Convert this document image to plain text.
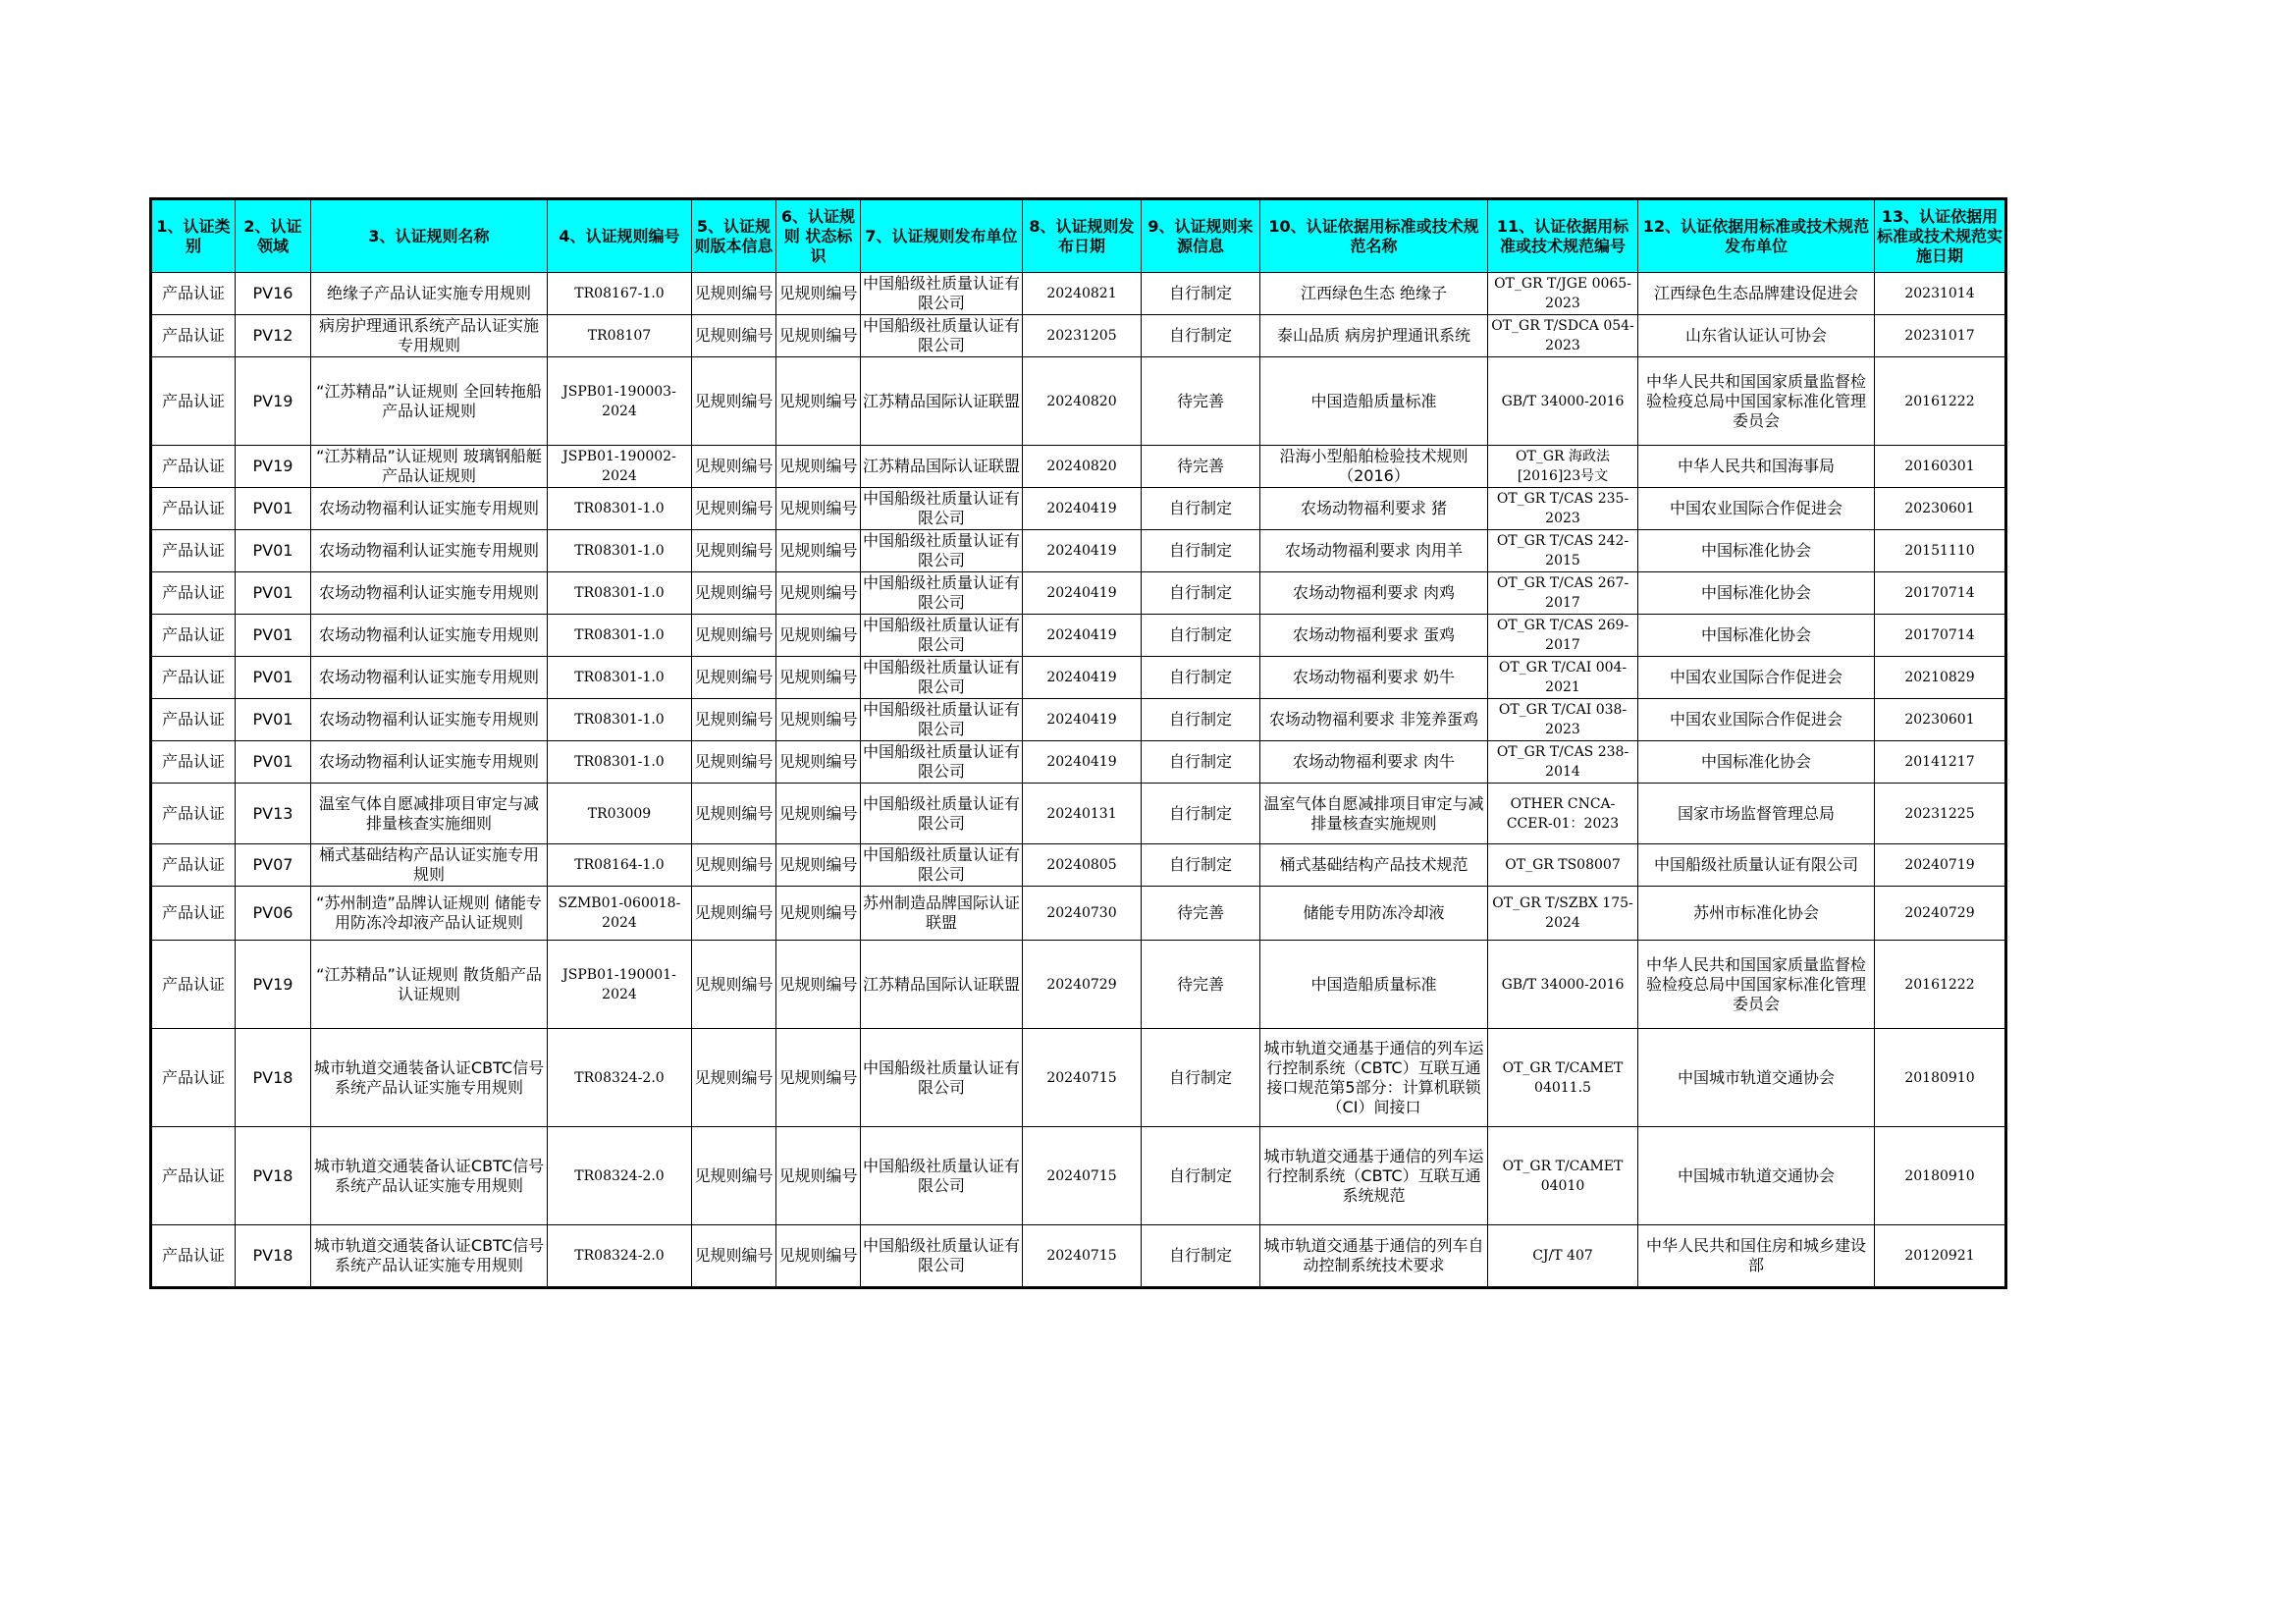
1、认证类别	2、认证领域	3、认证规则名称	4、认证规则编号	5、认证规则版本信息	6、认证规则 状态标识	7、认证规则发布单位	8、认证规则发布日期	9、认证规则来源信息	10、认证依据用标准或技术规范名称	11、认证依据用标准或技术规范编号	12、认证依据用标准或技术规范发布单位	13、认证依据用标准或技术规范实施日期

产品认证	PV16	绝缘子产品认证实施专用规则	TR08167-1.0	见规则编号	见规则编号	中国船级社质量认证有限公司	20240821	自行制定	江西绿色生态 绝缘子	OT_GR T/JGE 0065-2023	江西绿色生态品牌建设促进会	20231014

产品认证	PV12	病房护理通讯系统产品认证实施专用规则	TR08107	见规则编号	见规则编号	中国船级社质量认证有限公司	20231205	自行制定	泰山品质 病房护理通讯系统	OT_GR T/SDCA 054-2023	山东省认证认可协会	20231017

产品认证	PV19	“江苏精品”认证规则 全回转拖船产品认证规则	JSPB01-190003-2024	见规则编号	见规则编号	江苏精品国际认证联盟	20240820	待完善	中国造船质量标准	GB/T 34000-2016	中华人民共和国国家质量监督检验检疫总局中国国家标准化管理委员会	20161222

产品认证	PV19	“江苏精品”认证规则 玻璃钢船艇产品认证规则	JSPB01-190002-2024	见规则编号	见规则编号	江苏精品国际认证联盟	20240820	待完善	沿海小型船舶检验技术规则（2016）	OT_GR 海政法 [2016]23号文	中华人民共和国海事局	20160301

产品认证	PV01	农场动物福利认证实施专用规则	TR08301-1.0	见规则编号	见规则编号	中国船级社质量认证有限公司	20240419	自行制定	农场动物福利要求 猪	OT_GR T/CAS 235-2023	中国农业国际合作促进会	20230601

产品认证	PV01	农场动物福利认证实施专用规则	TR08301-1.0	见规则编号	见规则编号	中国船级社质量认证有限公司	20240419	自行制定	农场动物福利要求 肉用羊	OT_GR T/CAS 242-2015	中国标准化协会	20151110

产品认证	PV01	农场动物福利认证实施专用规则	TR08301-1.0	见规则编号	见规则编号	中国船级社质量认证有限公司	20240419	自行制定	农场动物福利要求 肉鸡	OT_GR T/CAS 267-2017	中国标准化协会	20170714

产品认证	PV01	农场动物福利认证实施专用规则	TR08301-1.0	见规则编号	见规则编号	中国船级社质量认证有限公司	20240419	自行制定	农场动物福利要求 蛋鸡	OT_GR T/CAS 269-2017	中国标准化协会	20170714

产品认证	PV01	农场动物福利认证实施专用规则	TR08301-1.0	见规则编号	见规则编号	中国船级社质量认证有限公司	20240419	自行制定	农场动物福利要求 奶牛	OT_GR T/CAI 004-2021	中国农业国际合作促进会	20210829

产品认证	PV01	农场动物福利认证实施专用规则	TR08301-1.0	见规则编号	见规则编号	中国船级社质量认证有限公司	20240419	自行制定	农场动物福利要求 非笼养蛋鸡	OT_GR T/CAI 038-2023	中国农业国际合作促进会	20230601

产品认证	PV01	农场动物福利认证实施专用规则	TR08301-1.0	见规则编号	见规则编号	中国船级社质量认证有限公司	20240419	自行制定	农场动物福利要求 肉牛	OT_GR T/CAS 238-2014	中国标准化协会	20141217

产品认证	PV13	温室气体自愿减排项目审定与减排量核查实施细则	TR03009	见规则编号	见规则编号	中国船级社质量认证有限公司	20240131	自行制定	温室气体自愿减排项目审定与减排量核查实施规则	OTHER CNCA-CCER-01：2023	国家市场监督管理总局	20231225

产品认证	PV07	桶式基础结构产品认证实施专用规则	TR08164-1.0	见规则编号	见规则编号	中国船级社质量认证有限公司	20240805	自行制定	桶式基础结构产品技术规范	OT_GR TS08007	中国船级社质量认证有限公司	20240719

产品认证	PV06	“苏州制造”品牌认证规则 储能专用防冻冷却液产品认证规则	SZMB01-060018-2024	见规则编号	见规则编号	苏州制造品牌国际认证联盟	20240730	待完善	储能专用防冻冷却液	OT_GR T/SZBX 175-2024	苏州市标准化协会	20240729

产品认证	PV19	“江苏精品”认证规则 散货船产品认证规则	JSPB01-190001-2024	见规则编号	见规则编号	江苏精品国际认证联盟	20240729	待完善	中国造船质量标准	GB/T 34000-2016	中华人民共和国国家质量监督检验检疫总局中国国家标准化管理委员会	20161222

产品认证	PV18	城市轨道交通装备认证CBTC信号系统产品认证实施专用规则	TR08324-2.0	见规则编号	见规则编号	中国船级社质量认证有限公司	20240715	自行制定	城市轨道交通基于通信的列车运行控制系统（CBTC）互联互通接口规范第5部分：计算机联锁（CI）间接口	OT_GR T/CAMET 04011.5	中国城市轨道交通协会	20180910

产品认证	PV18	城市轨道交通装备认证CBTC信号系统产品认证实施专用规则	TR08324-2.0	见规则编号	见规则编号	中国船级社质量认证有限公司	20240715	自行制定	城市轨道交通基于通信的列车运行控制系统（CBTC）互联互通系统规范	OT_GR T/CAMET 04010	中国城市轨道交通协会	20180910

产品认证	PV18	城市轨道交通装备认证CBTC信号系统产品认证实施专用规则	TR08324-2.0	见规则编号	见规则编号	中国船级社质量认证有限公司	20240715	自行制定	城市轨道交通基于通信的列车自动控制系统技术要求	CJ/T 407	中华人民共和国住房和城乡建设部	20120921
